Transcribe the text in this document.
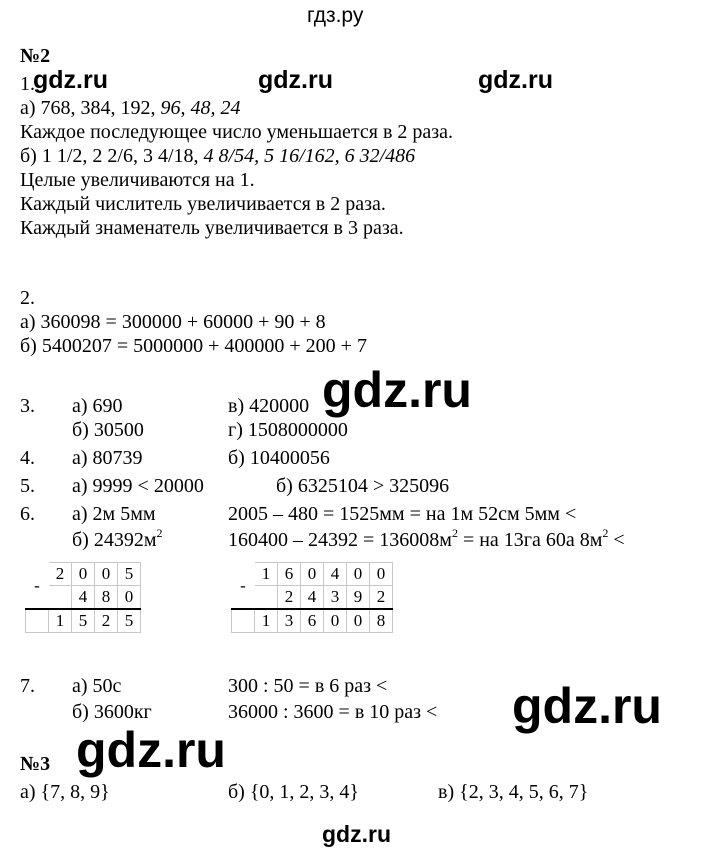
гдз.ру
№2
1.
gdz.ru	gdz.ru	gdz.ru
а) 768, 384, 192, 96, 48, 24
Каждое последующее число уменьшается в 2 раза.
б) 1 1/2, 2 2/6, 3 4/18, 4 8/54, 5 16/162, 6 32/486
Целые увеличиваются на 1.
Каждый числитель увеличивается в 2 раза.
Каждый знаменатель увеличивается в 3 раза.
2.
а) 360098 = 300000 + 60000 + 90 + 8
б) 5400207 = 5000000 + 400000 + 200 + 7
3. а) 690	в) 420000 gdz.ru
б) 30500	г) 1508000000
4. а) 80739	б) 10400056
5. а) 9999 < 20000	б) 6325104 > 325096
6. а) 2м 5мм	2005 – 480 = 1525мм = на 1м 52см 5мм <
б) $24392м^2$	$160400 - 24392 = 136008м^2$ = на 13га 60а $8м^2$ <
-	2	0	0	5
		4	8	0
	1	5	2	5
-	1	6	0	4	0	0
		2	4	3	9	2
	1	3	6	0	0	8
7. а) 50с	300 : 50 = в 6 раз <
б) 3600кг	36000 : 3600 = в 10 раз < gdz.ru
gdz.ru
№3
а) {7, 8, 9}	б) {0, 1, 2, 3, 4}	в) {2, 3, 4, 5, 6, 7}
gdz.ru
